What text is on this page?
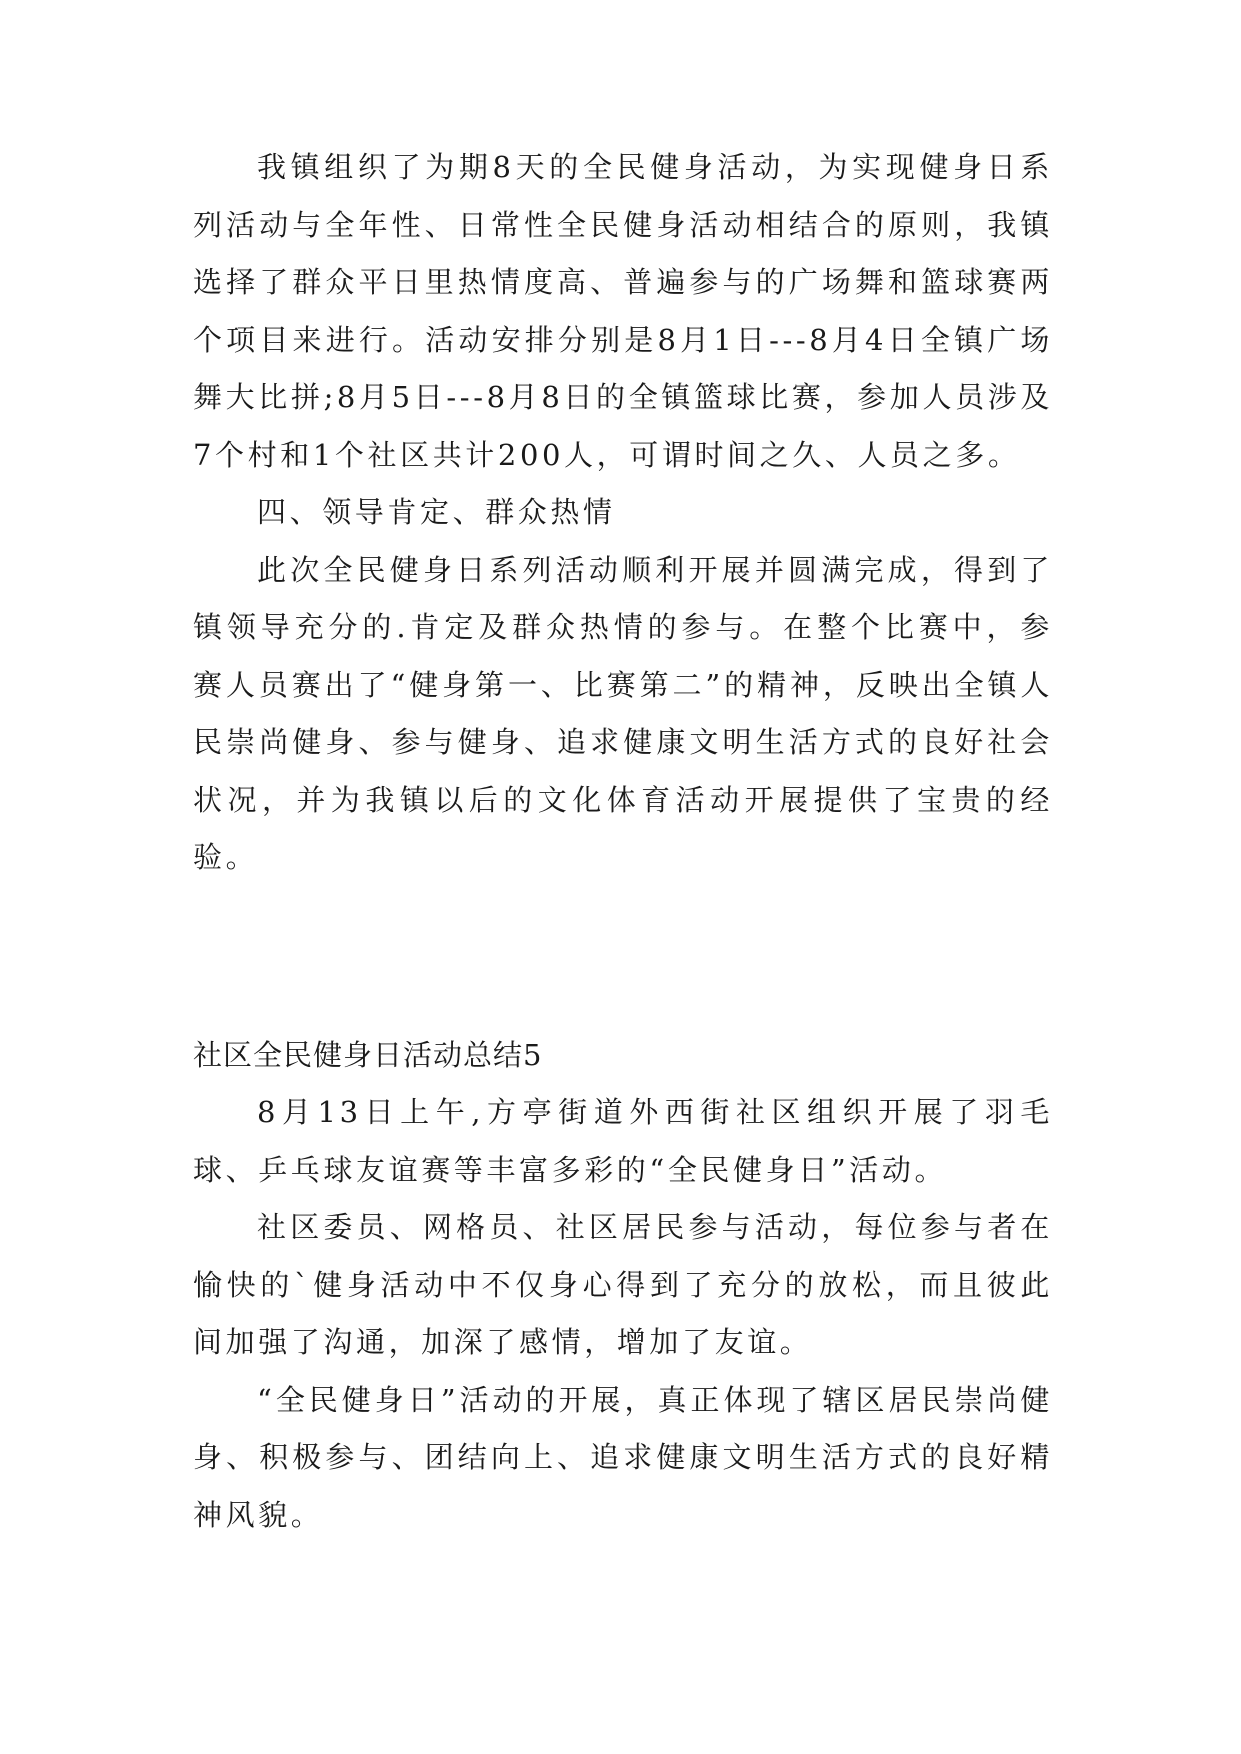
我镇组织了为期8天的全民健身活动，为实现健身日系列活动与全年性、日常性全民健身活动相结合的原则，我镇选择了群众平日里热情度高、普遍参与的广场舞和篮球赛两个项目来进行。活动安排分别是8月1日---8月4日全镇广场舞大比拼;8月5日---8月8日的全镇篮球比赛，参加人员涉及7个村和1个社区共计200人，可谓时间之久、人员之多。

四、领导肯定、群众热情

此次全民健身日系列活动顺利开展并圆满完成，得到了镇领导充分的.肯定及群众热情的参与。在整个比赛中，参赛人员赛出了“健身第一、比赛第二”的精神，反映出全镇人民崇尚健身、参与健身、追求健康文明生活方式的良好社会状况，并为我镇以后的文化体育活动开展提供了宝贵的经验。

社区全民健身日活动总结5

8月13日上午,方亭街道外西街社区组织开展了羽毛球、乒乓球友谊赛等丰富多彩的“全民健身日”活动。

社区委员、网格员、社区居民参与活动，每位参与者在愉快的`健身活动中不仅身心得到了充分的放松，而且彼此间加强了沟通，加深了感情，增加了友谊。

“全民健身日”活动的开展，真正体现了辖区居民崇尚健身、积极参与、团结向上、追求健康文明生活方式的良好精神风貌。
